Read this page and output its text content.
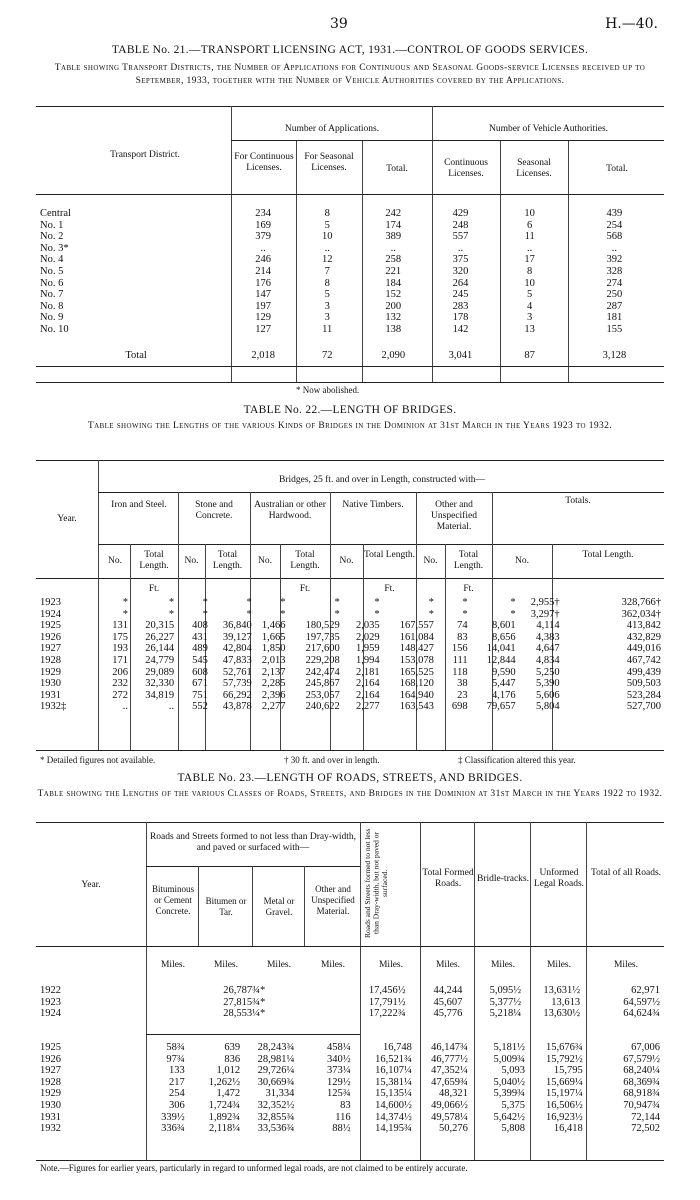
39	H.—40.
TABLE No. 21.—TRANSPORT LICENSING ACT, 1931.—CONTROL OF GOODS SERVICES.
Table showing Transport Districts, the Number of Applications for Continuous and Seasonal Goods-service Licenses received up to September, 1933, together with the Number of Vehicle Authorities covered by the Applications.
Transport District.
Number of Applications.	Number of Vehicle Authorities.
For Continuous Licenses.
For Seasonal Licenses.	Total.
Continuous Licenses.
Seasonal Licenses.	Total.
Central	234	8	242	429	10	439
No. 1	169	5	174	248	6	254
No. 2	379	10	389	557	11	568
No. 3*	..	..	..	..	..	..
No. 4	246	12	258	375	17	392
No. 5	214	7	221	320	8	328
No. 6	176	8	184	264	10	274
No. 7	147	5	152	245	5	250
No. 8	197	3	200	283	4	287
No. 9	129	3	132	178	3	181
No. 10	127	11	138	142	13	155
Total	2,018	72	2,090	3,041	87	3,128
* Now abolished.
TABLE No. 22.—LENGTH OF BRIDGES.
Table showing the Lengths of the various Kinds of Bridges in the Dominion at 31st March in the Years 1923 to 1932.
Bridges, 25 ft. and over in Length, constructed with—
Year.
Iron and Steel.
No.
Total Length.
Ft.
Stone and Concrete.
No.
Total Length.
Australian or other Hardwood.
No.
Total Length.
Ft.
Native Timbers.
No.
Total Length.
Ft.
Other and Unspecified Material.
No.
Total Length.
Ft.
Totals.
No.
Total Length.
1923	*	*	*	*	*	*	*	*	*	*	2,955†	328,766†
1924	*	*	*	*	*	*	*	*	*	*	3,297†	362,034†
1925	131	20,315	408	36,840	1,466	180,529	2,035	167,557	74	8,601	4,114	413,842
1926	175	26,227	431	39,127	1,665	197,735	2,029	161,084	83	8,656	4,383	432,829
1927	193	26,144	489	42,804	1,850	217,600	1,959	148,427	156	14,041	4,647	449,016
1928	171	24,779	545	47,833	2,013	229,208	1,994	153,078	111	12,844	4,834	467,742
1929	206	29,089	608	52,761	2,137	242,474	2,181	165,525	118	9,590	5,250	499,439
1930	232	32,330	671	57,739	2,285	245,867	2,164	168,120	38	5,447	5,390	509,503
1931	272	34,819	751	66,292	2,396	253,057	2,164	164,940	23	4,176	5,606	523,284
1932‡	..	..	552	43,878	2,277	240,622	2,277	163,543	698	79,657	5,804	527,700
* Detailed figures not available.	† 30 ft. and over in length.	‡ Classification altered this year.
TABLE No. 23.—LENGTH OF ROADS, STREETS, AND BRIDGES.
Table showing the Lengths of the various Classes of Roads, Streets, and Bridges in the Dominion at 31st March in the Years 1922 to 1932.
Year.
Roads and Streets formed to not less than Dray-width, and paved or surfaced with—
Bituminous or Cement Concrete.
Bitumen or Tar.
Metal or Gravel.
Other and Unspecified Material.	Roads and Streets formed to not less than Dray-width, but not paved or surfaced.	Total Formed Roads.	Bridle-tracks.
Unformed Legal Roads.
Total of all Roads.
Miles.	Miles.	Miles.	Miles.	Miles.	Miles.	Miles.	Miles.	Miles.
1922	26,787¾*	17,456½	44,244	5,095½	13,631½	62,971
1923	27,815¾*	17,791½	45,607	5,377½	13,613	64,597½
1924	28,553¼*	17,222¾	45,776	5,218¼	13,630½	64,624¾
1925	58¾	639	28,243¾	458¼	16,748	46,147¾	5,181½	15,676¾	67,006
1926	97¾	836	28,981¼	340½	16,521¾	46,777½	5,009¾	15,792½	67,579½
1927	133	1,012	29,726¼	373¼	16,107¼	47,352¼	5,093	15,795	68,240¼
1928	217	1,262½	30,669¾	129½	15,381¼	47,659¾	5,040½	15,669¼	68,369¾
1929	254	1,472	31,334	125¾	15,135¼	48,321	5,399¾	15,197¼	68,918¾
1930	306	1,724¾	32,352½	83	14,600½	49,066½	5,375	16,506½	70,947¾
1931	339½	1,892¾	32,855¾	116	14,374½	49,578¼	5,642½	16,923½	72,144
1932	336¾	2,118¼	33,536¾	88½	14,195¾	50,276	5,808	16,418	72,502
Note.—Figures for earlier years, particularly in regard to unformed legal roads, are not claimed to be entirely accurate.
